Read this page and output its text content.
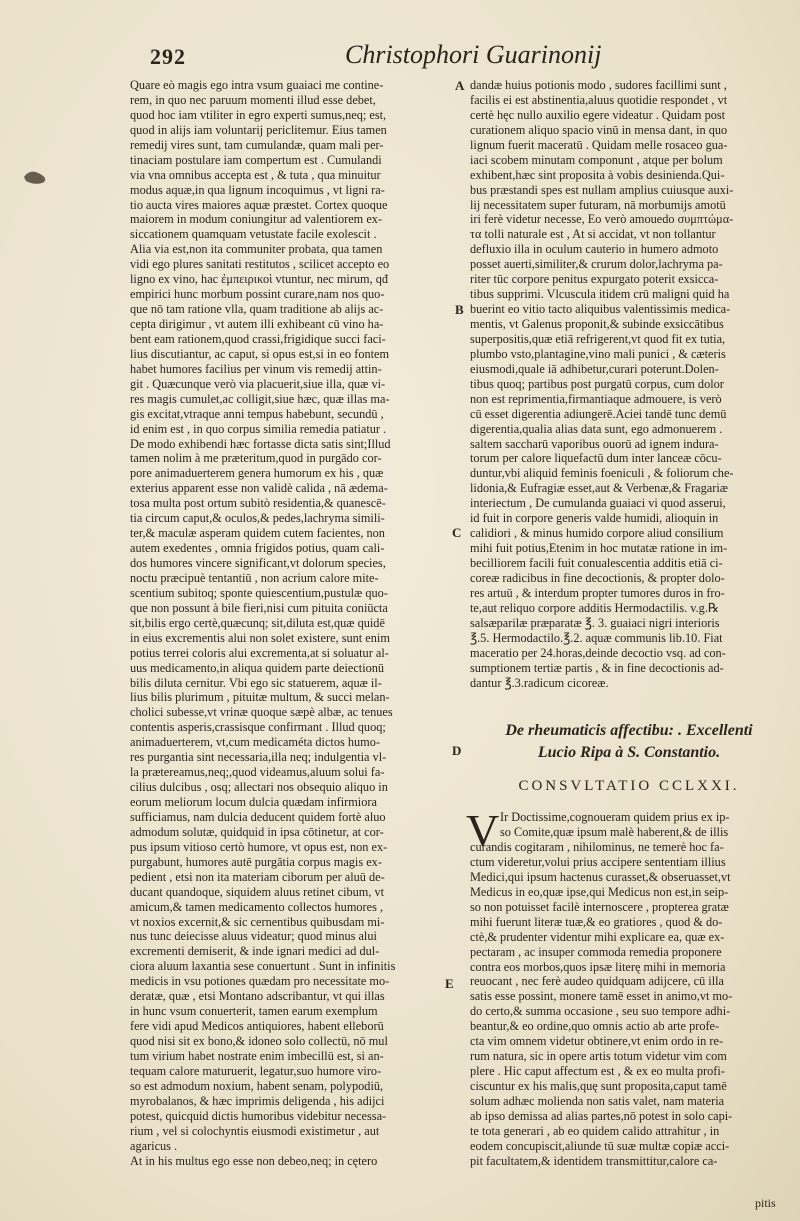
292	Christophori Guarinonij
Quare eò magis ego intra vsum guaiaci me contine-
rem, in quo nec paruum momenti illud esse debet,
quod hoc iam vtiliter in egro experti sumus,neq; est,
quod in alijs iam voluntarij periclitemur. Eius tamen
remedij vires sunt, tam cumulandæ, quam mali per-
tinaciam postulare iam compertum est . Cumulandi
via vna omnibus accepta est , & tuta , qua minuitur
modus aquæ,in qua lignum incoquimus , vt ligni ra-
tio aucta vires maiores aquæ præstet. Cortex quoque
maiorem in modum coniungitur ad valentiorem ex-
siccationem quamquam vetustate facile exolescit .
Alia via est,non ita communiter probata, qua tamen
vidi ego plures sanitati restitutos , scilicet accepto eo
ligno ex vino, hac ἐμπειρικοὶ vtuntur, nec mirum, qđ
empirici hunc morbum possint curare,nam nos quo-
que nō tam ratione vlla, quam traditione ab alijs ac-
cepta dirigimur , vt autem illi exhibeant cū vino ha-
bent eam rationem,quod crassi,frigidique succi faci-
lius discutiantur, ac caput, si opus est,si in eo fontem
habet humores facilius per vinum vis remedij attin-
git . Quæcunque verò via placuerit,siue illa, quæ vi-
res magis cumulet,ac colligit,siue hæc, quæ illas ma-
gis excitat,vtraque anni tempus habebunt, secundū ,
id enim est , in quo corpus similia remedia patiatur .
De modo exhibendi hæc fortasse dicta satis sint;Illud
tamen nolim à me præteritum,quod in purgādo cor-
pore animaduerterem genera humorum ex his , quæ
exterius apparent esse non validè calida , nā ædema-
tosa multa post ortum subitò residentia,& quanescē-
tia circum caput,& oculos,& pedes,lachryma simili-
ter,& maculæ asperam quidem cutem facientes, non
autem exedentes , omnia frigidos potius, quam cali-
dos humores vincere significant,vt dolorum species,
noctu præcipuè tentantiū , non acrium calore mite-
scentium subitoq; sponte quiescentium,pustulæ quo-
que non possunt à bile fieri,nisi cum pituita coniūcta
sit,bilis ergo certè,quæcunq; sit,diluta est,quæ quidē
in eius excrementis alui non solet existere, sunt enim
potius terrei coloris alui excrementa,at si soluatur al-
uus medicamento,in aliqua quidem parte deiectionū
bilis diluta cernitur. Vbi ego sic statuerem, aquæ il-
lius bilis plurimum , pituitæ multum, & succi melan-
cholici subesse,vt vrinæ quoque sæpè albæ, ac tenues
contentis asperis,crassisque confirmant . Illud quoq;
animaduerterem, vt,cum medicaméta dictos humo-
res purgantia sint necessaria,illa neq; indulgentia vl-
la prætereamus,neq;,quod videamus,aluum solui fa-
cilius dulcibus , osq; allectari nos obsequio aliquo in
eorum meliorum locum dulcia quædam infirmiora
sufficiamus, nam dulcia deducent quidem fortè aluo
admodum solutæ, quidquid in ipsa cōtinetur, at cor-
pus ipsum vitioso certò humore, vt opus est, non ex-
purgabunt, humores autē purgātia corpus magis ex-
pedient , etsi non ita materiam ciborum per aluū de-
ducant quandoque, siquidem aluus retinet cibum, vt
amicum,& tamen medicamento collectos humores ,
vt noxios excernit,& sic cernentibus quibusdam mi-
nus tunc deiecisse aluus videatur; quod minus alui
excrementi demiserit, & inde ignari medici ad dul-
ciora aluum laxantia sese conuertunt . Sunt in infinitis
medicis in vsu potiones quædam pro necessitate mo-
deratæ, quæ , etsi Montano adscribantur, vt qui illas
in hunc vsum conuerterit, tamen earum exemplum
fere vidi apud Medicos antiquiores, habent elleborū
quod nisi sit ex bono,& idoneo solo collectū, nō mul
tum virium habet nostrate enim imbecillū est, si an-
tequam calore maturuerit, legatur,suo humore viro-
so est admodum noxium, habent senam, polypodiū,
myrobalanos, & hæc imprimis deligenda , his adijci
potest, quicquid dictis humoribus videbitur necessa-
rium , vel si colochyntis eiusmodi existimetur , aut
agaricus .
At in his multus ego esse non debeo,neq; in cętero
dandæ huius potionis modo , sudores facillimi sunt ,
facilis ei est abstinentia,aluus quotidie respondet , vt
certè hęc nullo auxilio egere videatur . Quidam post
curationem aliquo spacio vinū in mensa dant, in quo
lignum fuerit maceratū . Quidam melle rosaceo gua-
iaci scobem minutam componunt , atque per bolum
exhibent,hæc sint proposita à vobis desinienda.Qui-
bus præstandi spes est nullam amplius cuiusque auxi-
lij necessitatem super futuram, nā morbumijs amotū
iri ferè videtur necesse, Eo verò amouedo συμπτώμα-
τα tolli naturale est , At si accidat, vt non tollantur
defluxio illa in oculum cauterio in humero admoto
posset auerti,similiter,& crurum dolor,lachryma pa-
riter tūc corpore penitus expurgato poterit exsicca-
tibus supprimi. Vlcuscula itidem crū maligni quid ha
buerint eo vitio tacto aliquibus valentissimis medica-
mentis, vt Galenus proponit,& subinde exsiccātibus
superpositis,quæ etiā refrigerent,vt quod fit ex tutia,
plumbo vsto,plantagine,vino mali punici , & cæteris
eiusmodi,quale iā adhibetur,curari poterunt.Dolen-
tibus quoq; partibus post purgatū corpus, cum dolor
non est reprimentia,firmantiaque admouere, is verò
cū esset digerentia adiungerē.Aciei tandē tunc demū
digerentia,qualia alias data sunt, ego admonuerem .
saltem saccharū vaporibus ouorū ad ignem indura-
torum per calore liquefactū dum inter lanceæ cōcu-
duntur,vbi aliquid feminis foeniculi , & foliorum che-
lidonia,& Eufragiæ esset,aut & Verbenæ,& Fragariæ
interiectum , De cumulanda guaiaci vi quod asserui,
id fuit in corpore generis valde humidi, alioquin in
calidiori , & minus humido corpore aliud consilium
mihi fuit potius,Etenim in hoc mutatæ ratione in im-
becilliorem facili fuit conualescentia additis etiā ci-
coreæ radicibus in fine decoctionis, & propter dolo-
res artuū , & interdum propter tumores duros in fro-
te,aut reliquo corpore additis Hermodactilis. v.g.℞
salsæparilæ præparatæ ℥. 3. guaiaci nigri interioris
℥.5. Hermodactilo.℥.2. aquæ communis lib.10. Fiat
maceratio per 24.horas,deinde decoctio vsq. ad con-
sumptionem tertiæ partis , & in fine decoctionis ad-
dantur ℥.3.radicum cicoreæ.
A
B
C
D
E
De rheumaticis affectibu: . Excellenti
Lucio Ripa à S. Constantio.
CONSVLTATIO CCLXXI.
V Ir Doctissime,cognoueram quidem prius ex ip-
so Comite,quæ ipsum malè haberent,& de illis
curandis cogitaram , nihilominus, ne temerè hoc fa-
ctum videretur,volui prius accipere sententiam illius
Medici,qui ipsum hactenus curasset,& obseruasset,vt
Medicus in eo,quæ ipse,qui Medicus non est,in seip-
so non potuisset facilè internoscere , propterea gratæ
mihi fuerunt literæ tuæ,& eo gratiores , quod & do-
ctè,& prudenter videntur mihi explicare ea, quæ ex-
pectaram , ac insuper commoda remedia proponere
contra eos morbos,quos ipsæ literę mihi in memoria
reuocant , nec ferè audeo quidquam adijcere, cū illa
satis esse possint, monere tamē esset in animo,vt mo-
do certo,& summa occasione , seu suo tempore adhi-
beantur,& eo ordine,quo omnis actio ab arte profe-
cta vim omnem videtur obtinere,vt enim ordo in re-
rum natura, sic in opere artis totum videtur vim com
plere . Hic caput affectum est , & ex eo multa profi-
ciscuntur ex his malis,quę sunt proposita,caput tamē
solum adhæc molienda non satis valet, nam materia
ab ipso demissa ad alias partes,nō potest in solo capi-
te tota generari , ab eo quidem calido attrahitur , in
eodem concupiscit,aliunde tū suæ multæ copiæ acci-
pit facultatem,& identidem transmittitur,calore ca-
pitis
